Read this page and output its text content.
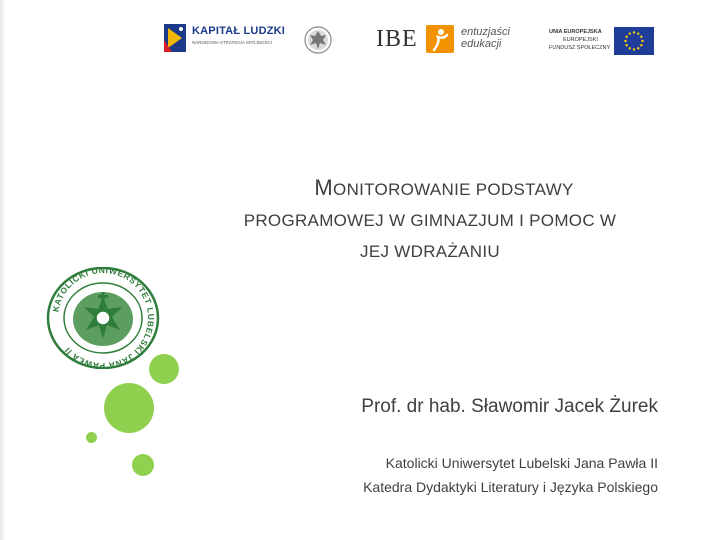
KAPITAŁ LUDZKI
NARODOWA STRATEGIA SPÓJNOŚCI	IBE	entuzjaści
edukacji
UNIA EUROPEJSKA
EUROPEJSKI
FUNDUSZ SPOŁECZNY
MONITOROWANIE PODSTAWY
PROGRAMOWEJ W GIMNAZJUM I POMOC W
JEJ WDRAŻANIU
KATOLICKI UNIWERSYTET LUBELSKI JANA PAWŁA II
Prof. dr hab. Sławomir Jacek Żurek
Katolicki Uniwersytet Lubelski Jana Pawła II
Katedra Dydaktyki Literatury i Języka Polskiego
